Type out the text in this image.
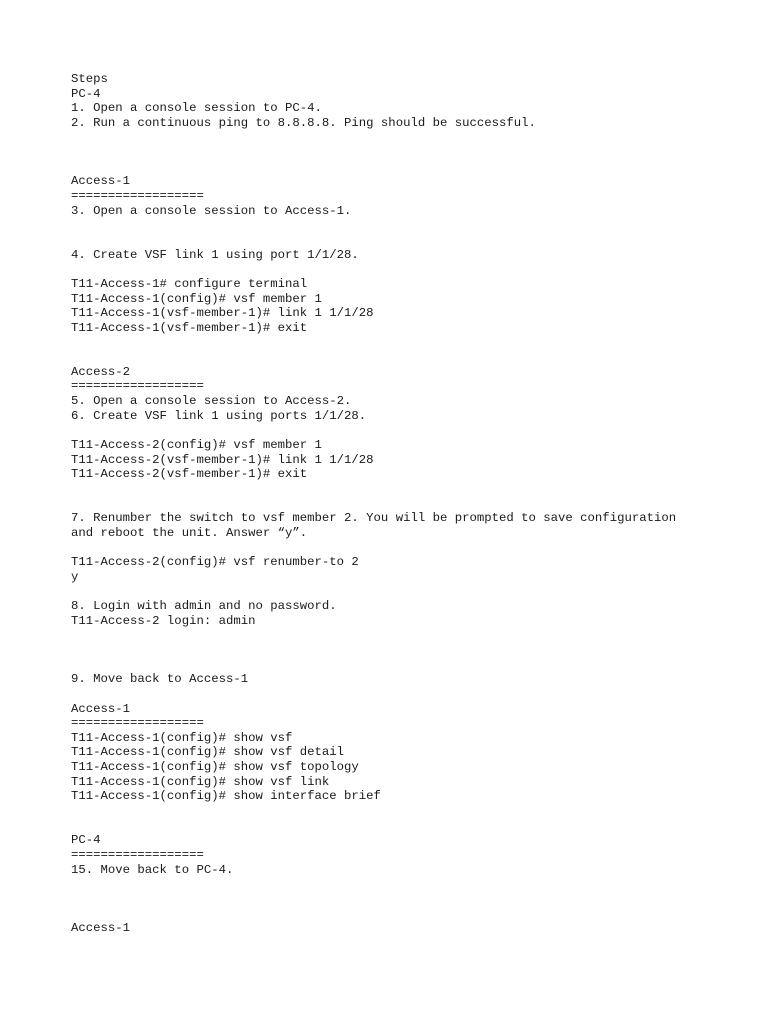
Steps
PC-4
1. Open a console session to PC-4.
2. Run a continuous ping to 8.8.8.8. Ping should be successful.
Access-1
==================
3. Open a console session to Access-1.
4. Create VSF link 1 using port 1/1/28.
T11-Access-1# configure terminal
T11-Access-1(config)# vsf member 1
T11-Access-1(vsf-member-1)# link 1 1/1/28
T11-Access-1(vsf-member-1)# exit
Access-2
==================
5. Open a console session to Access-2.
6. Create VSF link 1 using ports 1/1/28.
T11-Access-2(config)# vsf member 1
T11-Access-2(vsf-member-1)# link 1 1/1/28
T11-Access-2(vsf-member-1)# exit
7. Renumber the switch to vsf member 2. You will be prompted to save configuration
and reboot the unit. Answer “y”.
T11-Access-2(config)# vsf renumber-to 2
y
8. Login with admin and no password.
T11-Access-2 login: admin
9. Move back to Access-1
Access-1
==================
T11-Access-1(config)# show vsf
T11-Access-1(config)# show vsf detail
T11-Access-1(config)# show vsf topology
T11-Access-1(config)# show vsf link
T11-Access-1(config)# show interface brief
PC-4
==================
15. Move back to PC-4.
Access-1
